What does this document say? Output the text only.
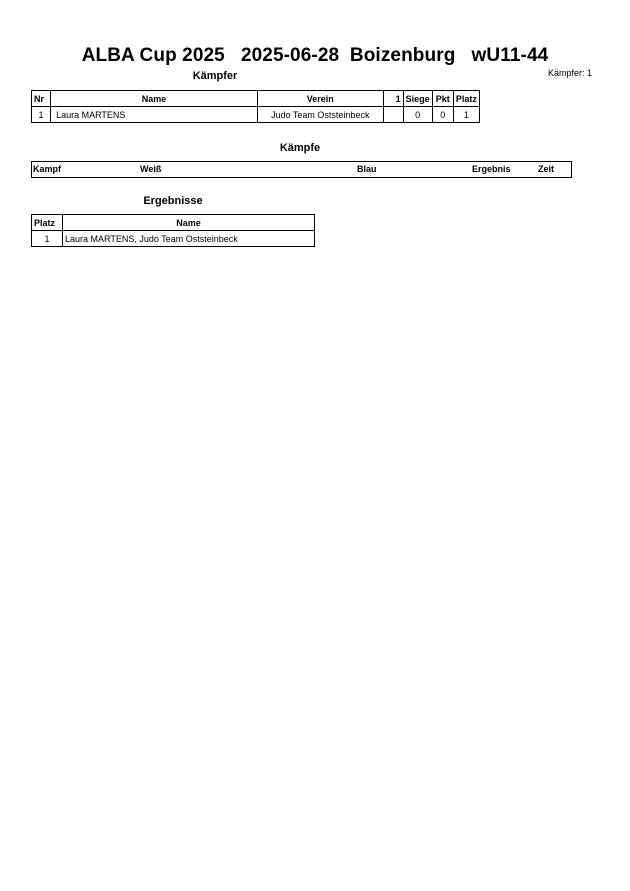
ALBA Cup 2025   2025-06-28  Boizenburg   wU11-44
Kämpfer: 1
Kämpfer
Nr	Name	Verein	1	Siege	Pkt	Platz
1	Laura MARTENS	Judo Team Oststeinbeck		0	0	1
Kämpfe
Kampf	Weiß	Blau	Ergebnis	Zeit
Ergebnisse
Platz	Name
1	Laura MARTENS, Judo Team Oststeinbeck
